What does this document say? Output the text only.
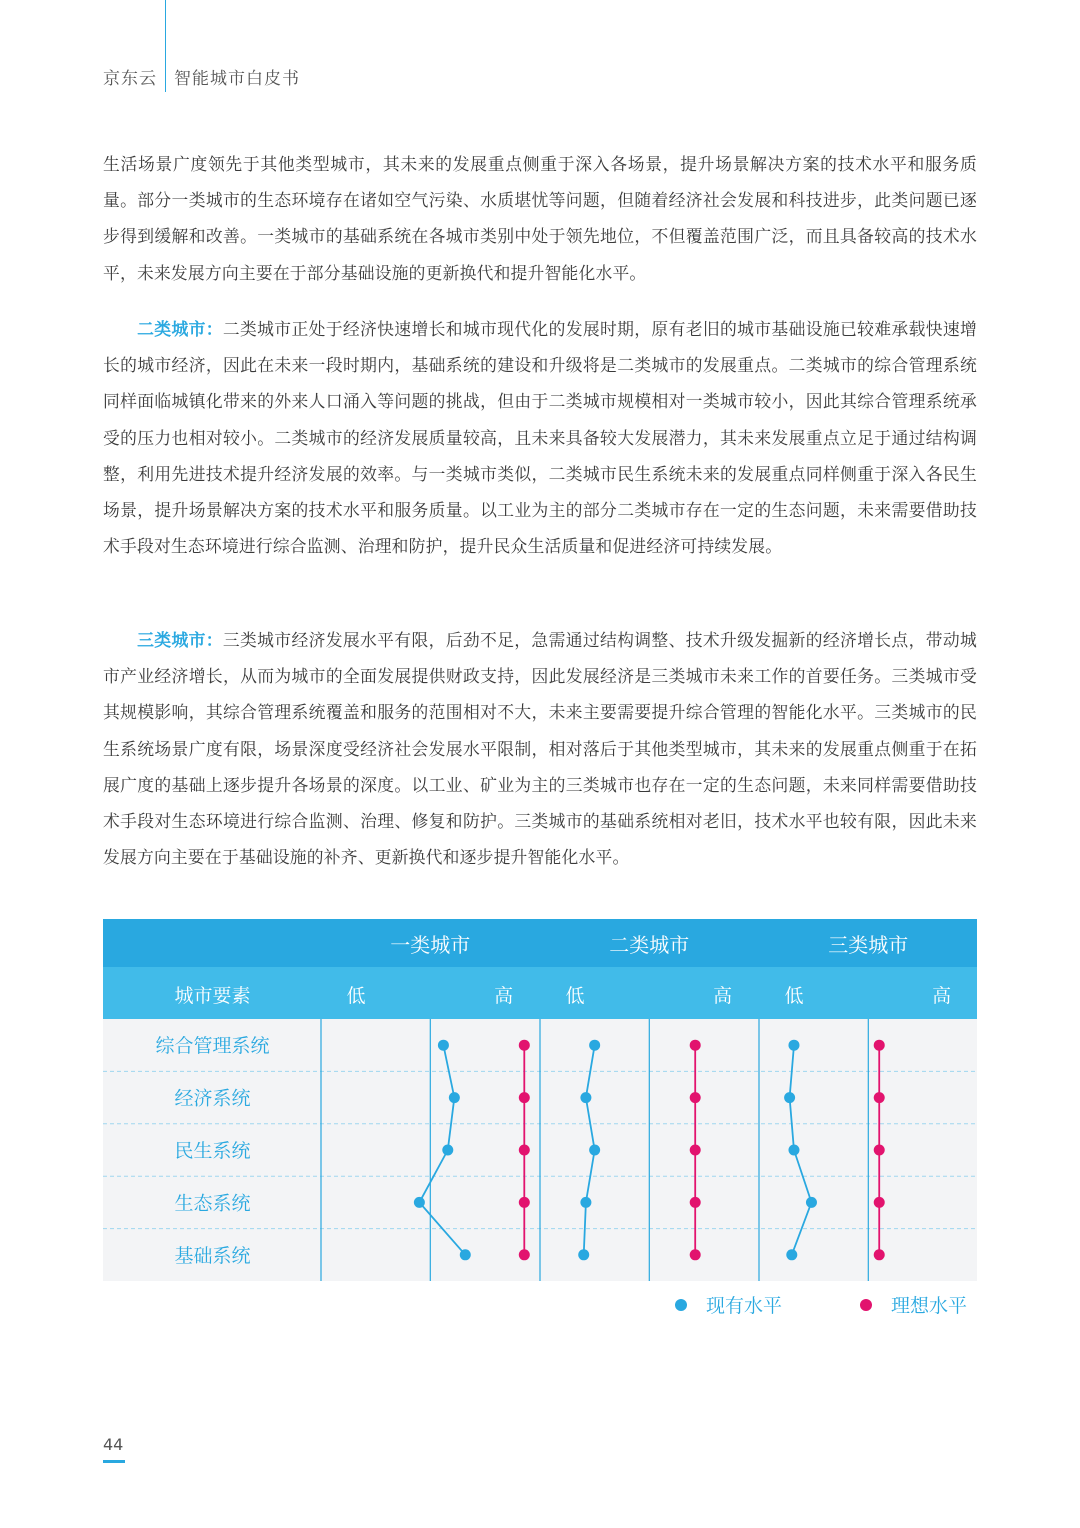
京东云 智能城市白皮书

生活场景广度领先于其他类型城市，其未来的发展重点侧重于深入各场景，提升场景解决方案的技术水平和服务质量。部分一类城市的生态环境存在诸如空气污染、水质堪忧等问题，但随着经济社会发展和科技进步，此类问题已逐步得到缓解和改善。一类城市的基础系统在各城市类别中处于领先地位，不但覆盖范围广泛，而且具备较高的技术水平，未来发展方向主要在于部分基础设施的更新换代和提升智能化水平。

二类城市：二类城市正处于经济快速增长和城市现代化的发展时期，原有老旧的城市基础设施已较难承载快速增长的城市经济，因此在未来一段时期内，基础系统的建设和升级将是二类城市的发展重点。二类城市的综合管理系统同样面临城镇化带来的外来人口涌入等问题的挑战，但由于二类城市规模相对一类城市较小，因此其综合管理系统承受的压力也相对较小。二类城市的经济发展质量较高，且未来具备较大发展潜力，其未来发展重点立足于通过结构调整，利用先进技术提升经济发展的效率。与一类城市类似，二类城市民生系统未来的发展重点同样侧重于深入各民生场景，提升场景解决方案的技术水平和服务质量。以工业为主的部分二类城市存在一定的生态问题，未来需要借助技术手段对生态环境进行综合监测、治理和防护，提升民众生活质量和促进经济可持续发展。

三类城市：三类城市经济发展水平有限，后劲不足，急需通过结构调整、技术升级发掘新的经济增长点，带动城市产业经济增长，从而为城市的全面发展提供财政支持，因此发展经济是三类城市未来工作的首要任务。三类城市受其规模影响，其综合管理系统覆盖和服务的范围相对不大，未来主要需要提升综合管理的智能化水平。三类城市的民生系统场景广度有限，场景深度受经济社会发展水平限制，相对落后于其他类型城市，其未来的发展重点侧重于在拓展广度的基础上逐步提升各场景的深度。以工业、矿业为主的三类城市也存在一定的生态问题，未来同样需要借助技术手段对生态环境进行综合监测、治理、修复和防护。三类城市的基础系统相对老旧，技术水平也较有限，因此未来发展方向主要在于基础设施的补齐、更新换代和逐步提升智能化水平。

一类城市	二类城市	三类城市
城市要素	低	高	低	高	低	高
综合管理系统
经济系统
民生系统
生态系统
基础系统
现有水平	理想水平
44
